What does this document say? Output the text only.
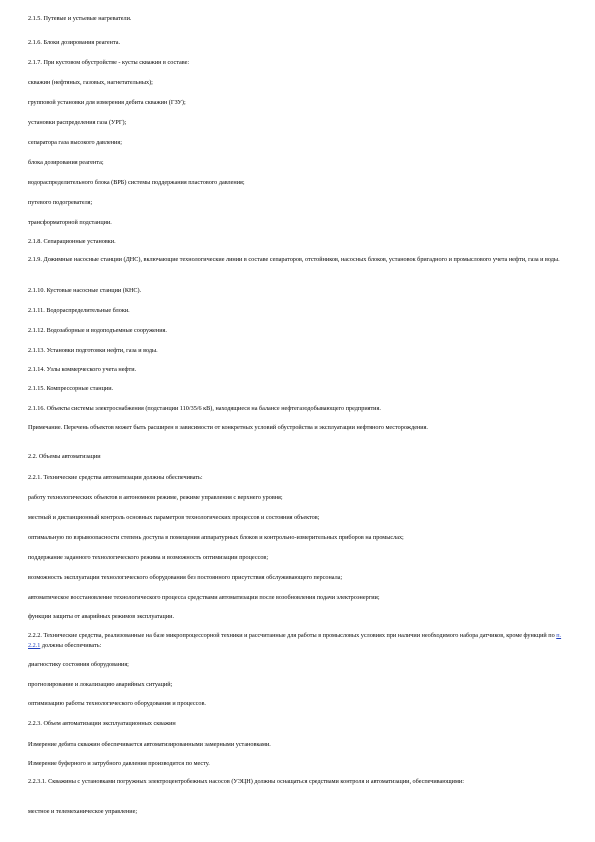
2.1.5. Путевые и устьевые нагреватели.
2.1.6. Блоки дозирования реагента.
2.1.7. При кустовом обустройстве - кусты скважин в составе:
скважин (нефтяных, газовых, нагнетательных);
групповой установки для измерения дебита скважин (ГЗУ);
установки распределения газа (УРГ);
сепаратора газа высокого давления;
блока дозирования реагента;
водораспределительного блока (ВРБ) системы поддержания пластового давления;
путевого подогревателя;
трансформаторной подстанции.
2.1.8. Сепарационные установки.
2.1.9. Дожимные насосные станции (ДНС), включающие технологические линии в составе сепараторов, отстойников, насосных блоков, установок бригадного и промыслового учета нефти, газа и воды.
2.1.10. Кустовые насосные станции (КНС).
2.1.11. Водораспределительные блоки.
2.1.12. Водозаборные и водоподъемные сооружения.
2.1.13. Установки подготовки нефти, газа и воды.
2.1.14. Узлы коммерческого учета нефти.
2.1.15. Компрессорные станции.
2.1.16. Объекты системы электроснабжения (подстанции 110/35/6 кВ), находящиеся на балансе нефтегазодобывающего предприятия.
Примечание. Перечень объектов может быть расширен в зависимости от конкретных условий обустройства и эксплуатации нефтяного месторождения.
2.2. Объемы автоматизации
2.2.1. Технические средства автоматизации должны обеспечивать:
работу технологических объектов в автономном режиме, режиме управления с верхнего уровня;
местный и дистанционный контроль основных параметров технологических процессов и состояния объектов;
оптимальную по взрывоопасности степень доступа в помещения аппаратурных блоков и контрольно-измерительных приборов на промыслах;
поддержание заданного технологического режима и возможность оптимизации процессов;
возможность эксплуатации технологического оборудования без постоянного присутствия обслуживающего персонала;
автоматическое восстановление технологического процесса средствами автоматизации после возобновления подачи электроэнергии;
функции защиты от аварийных режимов эксплуатации.
2.2.2. Технические средства, реализованные на базе микропроцессорной техники и рассчитанные для работы в промысловых условиях при наличии необходимого набора датчиков, кроме функций по п. 2.2.1 должны обеспечивать:
диагностику состояния оборудования;
прогнозирование и локализацию аварийных ситуаций;
оптимизацию работы технологического оборудования и процессов.
2.2.3. Объем автоматизации эксплуатационных скважин
Измерение дебита скважин обеспечивается автоматизированными замерными установками.
Измерение буферного и затрубного давления производится по месту.
2.2.3.1. Скважины с установками погружных электроцентробежных насосов (УЭЦН) должны оснащаться средствами контроля и автоматизации, обеспечивающими:
местное и телемеханическое управление;
